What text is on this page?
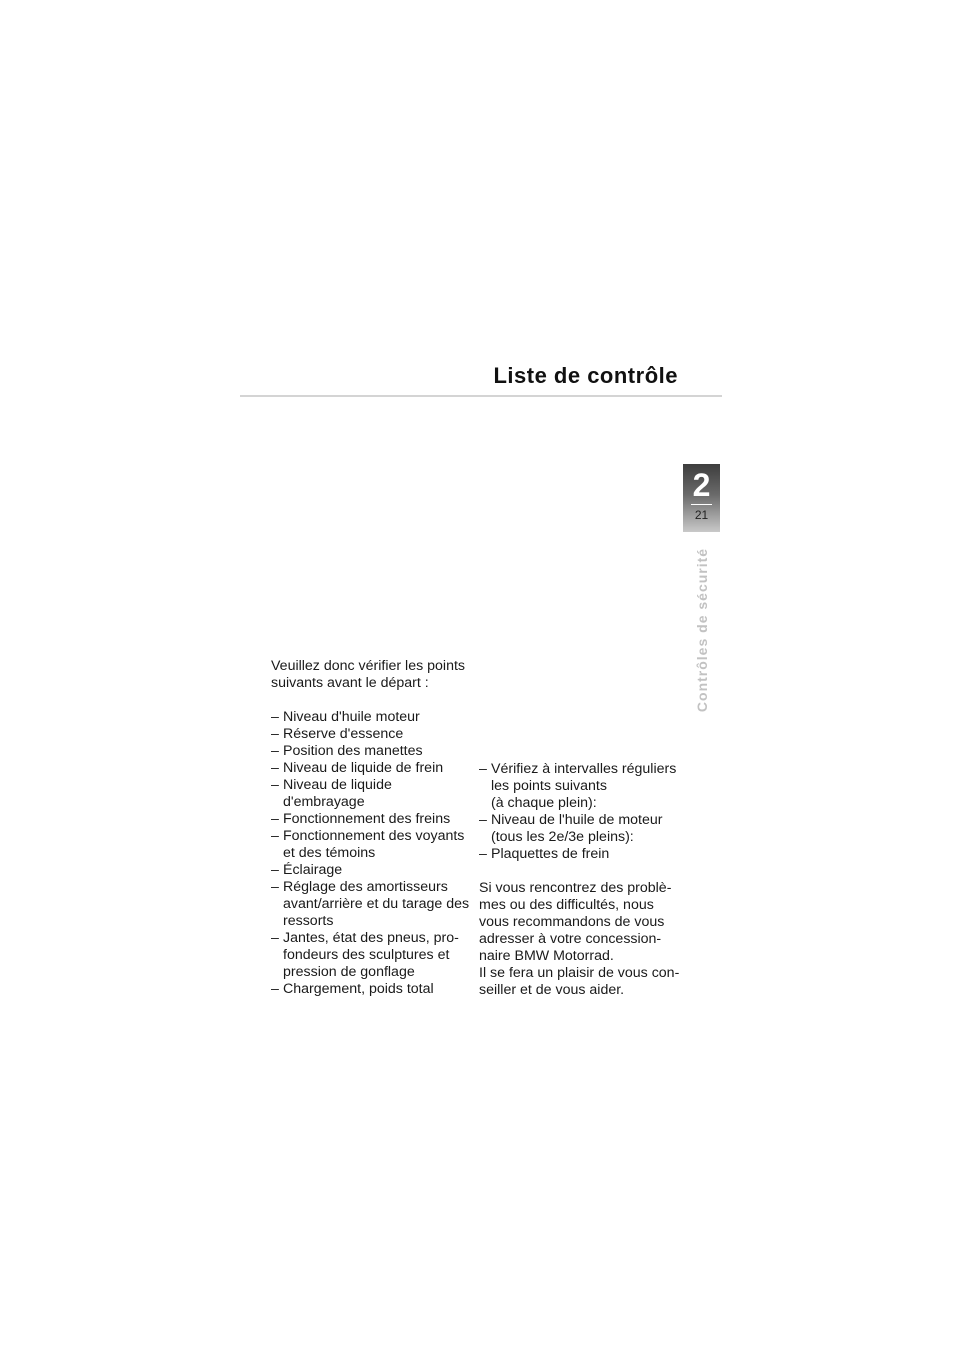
Liste de contrôle
2
21
Contrôles de sécurité

Veuillez donc vérifier les points
suivants avant le départ :

– Niveau d'huile moteur
– Réserve d'essence
– Position des manettes
– Niveau de liquide de frein
– Niveau de liquide
d'embrayage
– Fonctionnement des freins
– Fonctionnement des voyants
et des témoins
– Éclairage
– Réglage des amortisseurs
avant/arrière et du tarage des
ressorts
– Jantes, état des pneus, pro-
fondeurs des sculptures et
pression de gonflage
– Chargement, poids total
– Vérifiez à intervalles réguliers
les points suivants
(à chaque plein):
– Niveau de l'huile de moteur
(tous les 2e/3e pleins):
– Plaquettes de frein

Si vous rencontrez des problè-
mes ou des difficultés, nous
vous recommandons de vous
adresser à votre concession-
naire BMW Motorrad.
Il se fera un plaisir de vous con-
seiller et de vous aider.
